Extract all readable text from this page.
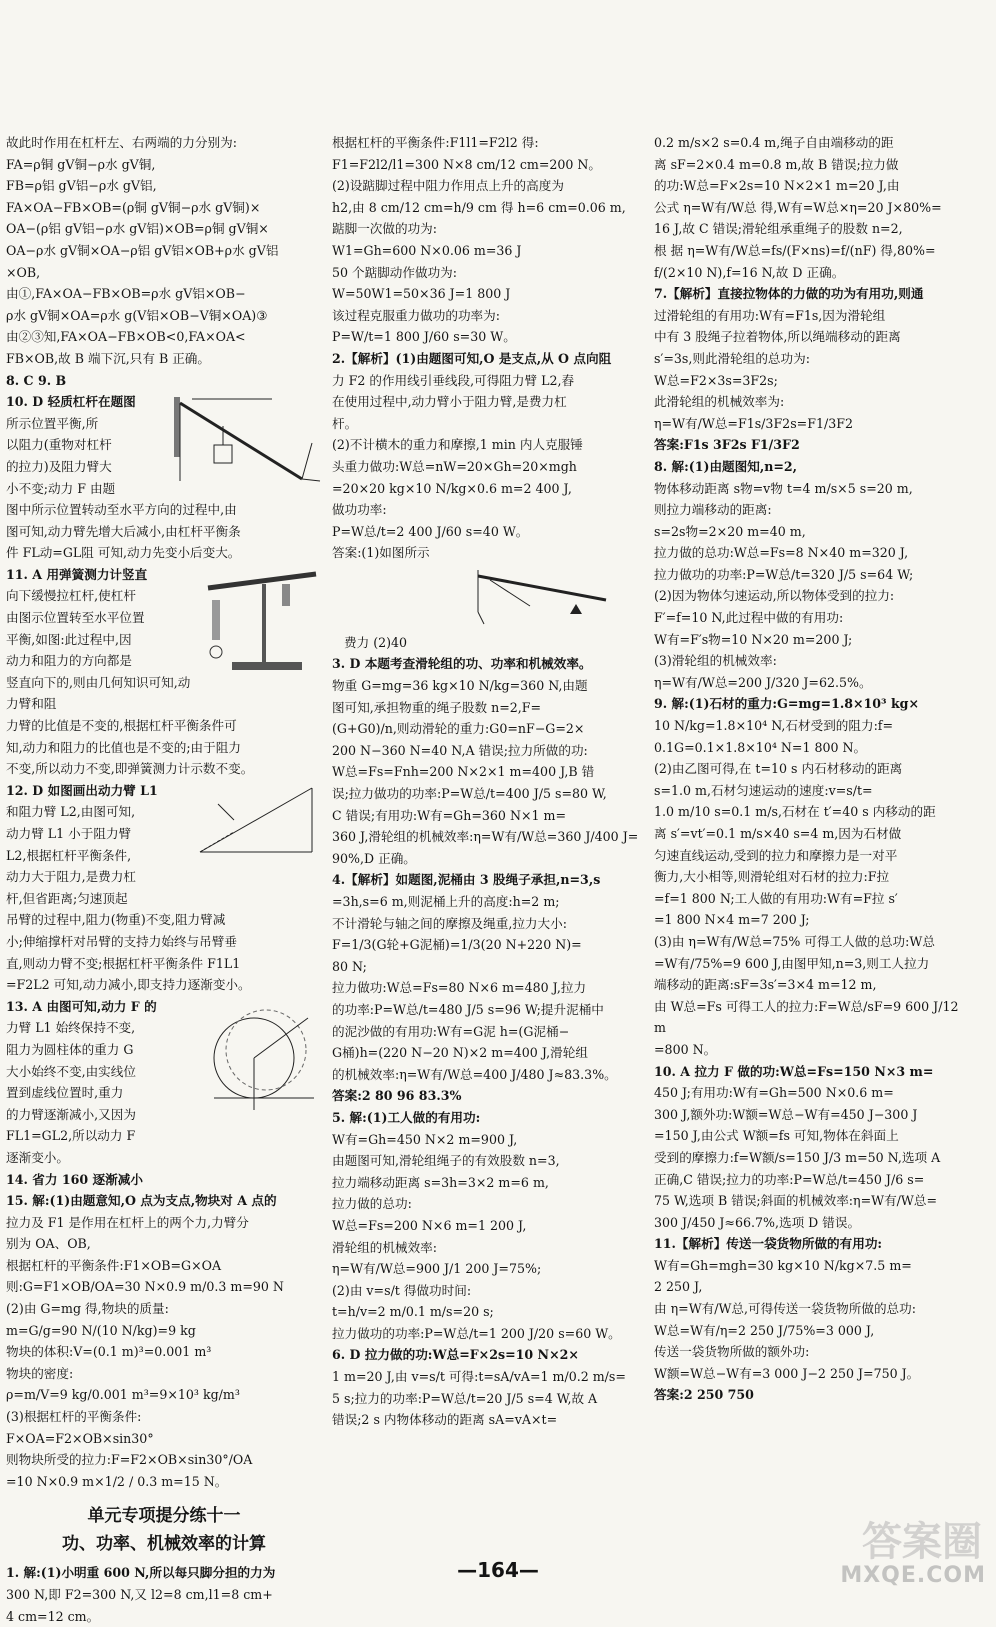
故此时作用在杠杆左、右两端的力分别为:

FA=ρ铜 gV铜−ρ水 gV铜,

FB=ρ铝 gV铝−ρ水 gV铝,

FA×OA−FB×OB=(ρ铜 gV铜−ρ水 gV铜)×

OA−(ρ铝 gV铝−ρ水 gV铝)×OB=ρ铜 gV铜×

OA−ρ水 gV铜×OA−ρ铝 gV铝×OB+ρ水 gV铝

×OB,

由①,FA×OA−FB×OB=ρ水 gV铝×OB−

ρ水 gV铜×OA=ρ水 g(V铝×OB−V铜×OA)③

由②③知,FA×OA−FB×OB<0,FA×OA<

FB×OB,故 B 端下沉,只有 B 正确。

8. C 9. B

10. D 轻质杠杆在题图

所示位置平衡,所

以阻力(重物对杠杆

的拉力)及阻力臂大

小不变;动力 F 由题

图中所示位置转动至水平方向的过程中,由

图可知,动力臂先增大后减小,由杠杆平衡条

件 FL动=GL阻 可知,动力先变小后变大。

11. A 用弹簧测力计竖直

向下缓慢拉杠杆,使杠杆

由图示位置转至水平位置

平衡,如图:此过程中,因

动力和阻力的方向都是

竖直向下的,则由几何知识可知,动力臂和阻

力臂的比值是不变的,根据杠杆平衡条件可

知,动力和阻力的比值也是不变的;由于阻力

不变,所以动力不变,即弹簧测力计示数不变。

12. D 如图画出动力臂 L1

和阻力臂 L2,由图可知,

动力臂 L1 小于阻力臂

L2,根据杠杆平衡条件,

动力大于阻力,是费力杠

杆,但省距离;匀速顶起

吊臂的过程中,阻力(物重)不变,阻力臂减

小;伸缩撑杆对吊臂的支持力始终与吊臂垂

直,则动力臂不变;根据杠杆平衡条件 F1L1

=F2L2 可知,动力减小,即支持力逐渐变小。

13. A 由图可知,动力 F 的

力臂 L1 始终保持不变,

阻力为圆柱体的重力 G

大小始终不变,由实线位

置到虚线位置时,重力

的力臂逐渐减小,又因为

FL1=GL2,所以动力 F

逐渐变小。

14. 省力 160 逐渐减小

15. 解:(1)由题意知,O 点为支点,物块对 A 点的

拉力及 F1 是作用在杠杆上的两个力,力臂分

别为 OA、OB,

根据杠杆的平衡条件:F1×OB=G×OA

则:G=F1×OB/OA=30 N×0.9 m/0.3 m=90 N

(2)由 G=mg 得,物块的质量:

m=G/g=90 N/(10 N/kg)=9 kg

物块的体积:V=(0.1 m)³=0.001 m³

物块的密度:

ρ=m/V=9 kg/0.001 m³=9×10³ kg/m³

(3)根据杠杆的平衡条件:

F×OA=F2×OB×sin30°

则物块所受的拉力:F=F2×OB×sin30°/OA

=10 N×0.9 m×1/2 / 0.3 m=15 N。

单元专项提分练十一
功、功率、机械效率的计算

1. 解:(1)小明重 600 N,所以每只脚分担的力为

300 N,即 F2=300 N,又 l2=8 cm,l1=8 cm+

4 cm=12 cm。

根据杠杆的平衡条件:F1l1=F2l2 得:

F1=F2l2/l1=300 N×8 cm/12 cm=200 N。

(2)设踮脚过程中阻力作用点上升的高度为

h2,由 8 cm/12 cm=h/9 cm 得 h=6 cm=0.06 m,

踮脚一次做的功为:

W1=Gh=600 N×0.06 m=36 J

50 个踮脚动作做功为:

W=50W1=50×36 J=1 800 J

该过程克服重力做功的功率为:

P=W/t=1 800 J/60 s=30 W。

2.【解析】(1)由题图可知,O 是支点,从 O 点向阻

力 F2 的作用线引垂线段,可得阻力臂 L2,舂

在使用过程中,动力臂小于阻力臂,是费力杠

杆。

(2)不计横木的重力和摩擦,1 min 内人克服锤

头重力做功:W总=nW=20×Gh=20×mgh

=20×20 kg×10 N/kg×0.6 m=2 400 J,

做功功率:

P=W总/t=2 400 J/60 s=40 W。

答案:(1)如图所示

费力 (2)40

3. D 本题考查滑轮组的功、功率和机械效率。

物重 G=mg=36 kg×10 N/kg=360 N,由题

图可知,承担物重的绳子股数 n=2,F=

(G+G0)/n,则动滑轮的重力:G0=nF−G=2×

200 N−360 N=40 N,A 错误;拉力所做的功:

W总=Fs=Fnh=200 N×2×1 m=400 J,B 错

误;拉力做功的功率:P=W总/t=400 J/5 s=80 W,

C 错误;有用功:W有=Gh=360 N×1 m=

360 J,滑轮组的机械效率:η=W有/W总=360 J/400 J=

90%,D 正确。

4.【解析】如题图,泥桶由 3 股绳子承担,n=3,s

=3h,s=6 m,则泥桶上升的高度:h=2 m;

不计滑轮与轴之间的摩擦及绳重,拉力大小:

F=1/3(G轮+G泥桶)=1/3(20 N+220 N)=

80 N;

拉力做功:W总=Fs=80 N×6 m=480 J,拉力

的功率:P=W总/t=480 J/5 s=96 W;提升泥桶中

的泥沙做的有用功:W有=G泥 h=(G泥桶−

G桶)h=(220 N−20 N)×2 m=400 J,滑轮组

的机械效率:η=W有/W总=400 J/480 J≈83.3%。

答案:2 80 96 83.3%

5. 解:(1)工人做的有用功:

W有=Gh=450 N×2 m=900 J,

由题图可知,滑轮组绳子的有效股数 n=3,

拉力端移动距离 s=3h=3×2 m=6 m,

拉力做的总功:

W总=Fs=200 N×6 m=1 200 J,

滑轮组的机械效率:

η=W有/W总=900 J/1 200 J=75%;

(2)由 v=s/t 得做功时间:

t=h/v=2 m/0.1 m/s=20 s;

拉力做功的功率:P=W总/t=1 200 J/20 s=60 W。

6. D 拉力做的功:W总=F×2s=10 N×2×

1 m=20 J,由 v=s/t 可得:t=sA/vA=1 m/0.2 m/s=

5 s;拉力的功率:P=W总/t=20 J/5 s=4 W,故 A

错误;2 s 内物体移动的距离 sA=vA×t=

0.2 m/s×2 s=0.4 m,绳子自由端移动的距

离 sF=2×0.4 m=0.8 m,故 B 错误;拉力做

的功:W总=F×2s=10 N×2×1 m=20 J,由

公式 η=W有/W总 得,W有=W总×η=20 J×80%=

16 J,故 C 错误;滑轮组承重绳子的股数 n=2,

根 据 η=W有/W总=fs/(F×ns)=f/(nF) 得,80%=

f/(2×10 N),f=16 N,故 D 正确。

7.【解析】直接拉物体的力做的功为有用功,则通

过滑轮组的有用功:W有=F1s,因为滑轮组

中有 3 股绳子拉着物体,所以绳端移动的距离

s′=3s,则此滑轮组的总功为:

W总=F2×3s=3F2s;

此滑轮组的机械效率为:

η=W有/W总=F1s/3F2s=F1/3F2

答案:F1s 3F2s F1/3F2

8. 解:(1)由题图知,n=2,

物体移动距离 s物=v物 t=4 m/s×5 s=20 m,

则拉力端移动的距离:

s=2s物=2×20 m=40 m,

拉力做的总功:W总=Fs=8 N×40 m=320 J,

拉力做功的功率:P=W总/t=320 J/5 s=64 W;

(2)因为物体匀速运动,所以物体受到的拉力:

F′=f=10 N,此过程中做的有用功:

W有=F′s物=10 N×20 m=200 J;

(3)滑轮组的机械效率:

η=W有/W总=200 J/320 J=62.5%。

9. 解:(1)石材的重力:G=mg=1.8×10³ kg×

10 N/kg=1.8×10⁴ N,石材受到的阻力:f=

0.1G=0.1×1.8×10⁴ N=1 800 N。

(2)由乙图可得,在 t=10 s 内石材移动的距离

s=1.0 m,石材匀速运动的速度:v=s/t=

1.0 m/10 s=0.1 m/s,石材在 t′=40 s 内移动的距

离 s′=vt′=0.1 m/s×40 s=4 m,因为石材做

匀速直线运动,受到的拉力和摩擦力是一对平

衡力,大小相等,则滑轮组对石材的拉力:F拉

=f=1 800 N;工人做的有用功:W有=F拉 s′

=1 800 N×4 m=7 200 J;

(3)由 η=W有/W总=75% 可得工人做的总功:W总

=W有/75%=9 600 J,由图甲知,n=3,则工人拉力

端移动的距离:sF=3s′=3×4 m=12 m,

由 W总=Fs 可得工人的拉力:F=W总/sF=9 600 J/12 m

=800 N。

10. A 拉力 F 做的功:W总=Fs=150 N×3 m=

450 J;有用功:W有=Gh=500 N×0.6 m=

300 J,额外功:W额=W总−W有=450 J−300 J

=150 J,由公式 W额=fs 可知,物体在斜面上

受到的摩擦力:f=W额/s=150 J/3 m=50 N,选项 A

正确,C 错误;拉力的功率:P=W总/t=450 J/6 s=

75 W,选项 B 错误;斜面的机械效率:η=W有/W总=

300 J/450 J≈66.7%,选项 D 错误。

11.【解析】传送一袋货物所做的有用功:

W有=Gh=mgh=30 kg×10 N/kg×7.5 m=

2 250 J,

由 η=W有/W总,可得传送一袋货物所做的总功:

W总=W有/η=2 250 J/75%=3 000 J,

传送一袋货物所做的额外功:

W额=W总−W有=3 000 J−2 250 J=750 J。

答案:2 250 750

—164—
答案圈
MXQE.COM
